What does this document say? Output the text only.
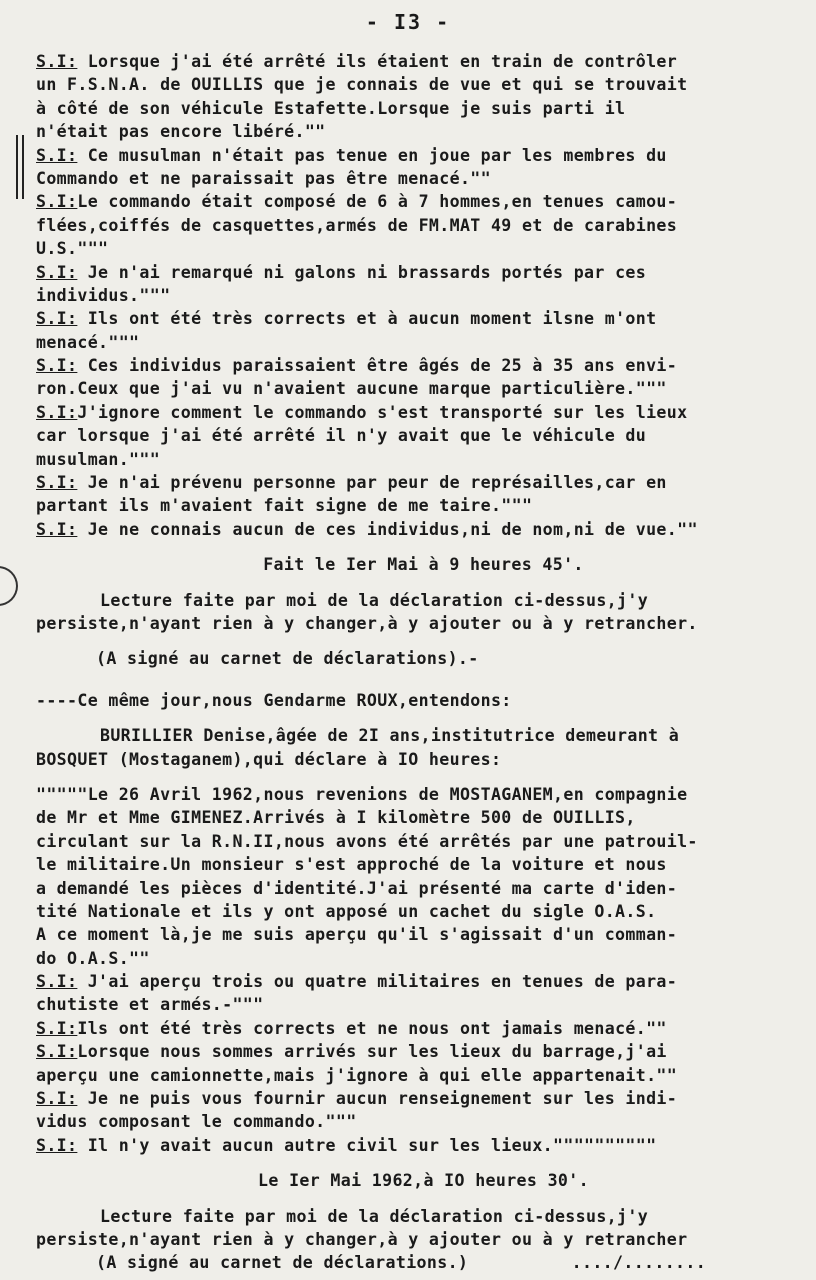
- I3 -
S.I: Lorsque j'ai été arrêté ils étaient en train de contrôler
un F.S.N.A. de OUILLIS que je connais de vue et qui se trouvait
à côté de son véhicule Estafette.Lorsque je suis parti il
n'était pas encore libéré.""
S.I: Ce musulman n'était pas tenue en joue par les membres du
Commando et ne paraissait pas être menacé.""
S.I:Le commando était composé de 6 à 7 hommes,en tenues camou-
flées,coiffés de casquettes,armés de FM.MAT 49 et de carabines
U.S."""
S.I: Je n'ai remarqué ni galons ni brassards portés par ces
individus."""
S.I: Ils ont été très corrects et à aucun moment ilsne m'ont
menacé."""
S.I: Ces individus paraissaient être âgés de 25 à 35 ans envi-
ron.Ceux que j'ai vu n'avaient aucune marque particulière."""
S.I:J'ignore comment le commando s'est transporté sur les lieux
car lorsque j'ai été arrêté il n'y avait que le véhicule du
musulman."""
S.I: Je n'ai prévenu personne par peur de représailles,car en
partant ils m'avaient fait signe de me taire."""
S.I: Je ne connais aucun de ces individus,ni de nom,ni de vue.""
Fait le Ier Mai à 9 heures 45'.
Lecture faite par moi de la déclaration ci-dessus,j'y
persiste,n'ayant rien à y changer,à y ajouter ou à y retrancher.
(A signé au carnet de déclarations).-
----Ce même jour,nous Gendarme ROUX,entendons:
BURILLIER Denise,âgée de 2I ans,institutrice demeurant à
BOSQUET (Mostaganem),qui déclare à IO heures:
"""""Le 26 Avril 1962,nous revenions de MOSTAGANEM,en compagnie
de Mr et Mme GIMENEZ.Arrivés à I kilomètre 500 de OUILLIS,
circulant sur la R.N.II,nous avons été arrêtés par une patrouil-
le militaire.Un monsieur s'est approché de la voiture et nous
a demandé les pièces d'identité.J'ai présenté ma carte d'iden-
tité Nationale et ils y ont apposé un cachet du sigle O.A.S.
A ce moment là,je me suis aperçu qu'il s'agissait d'un comman-
do O.A.S.""
S.I: J'ai aperçu trois ou quatre militaires en tenues de para-
chutiste et armés.-"""
S.I:Ils ont été très corrects et ne nous ont jamais menacé.""
S.I:Lorsque nous sommes arrivés sur les lieux du barrage,j'ai
aperçu une camionnette,mais j'ignore à qui elle appartenait.""
S.I: Je ne puis vous fournir aucun renseignement sur les indi-
vidus composant le commando."""
S.I: Il n'y avait aucun autre civil sur les lieux.""""""""""
Le Ier Mai 1962,à IO heures 30'.
Lecture faite par moi de la déclaration ci-dessus,j'y
persiste,n'ayant rien à y changer,à y ajouter ou à y retrancher
(A signé au carnet de déclarations.)          ..../........
